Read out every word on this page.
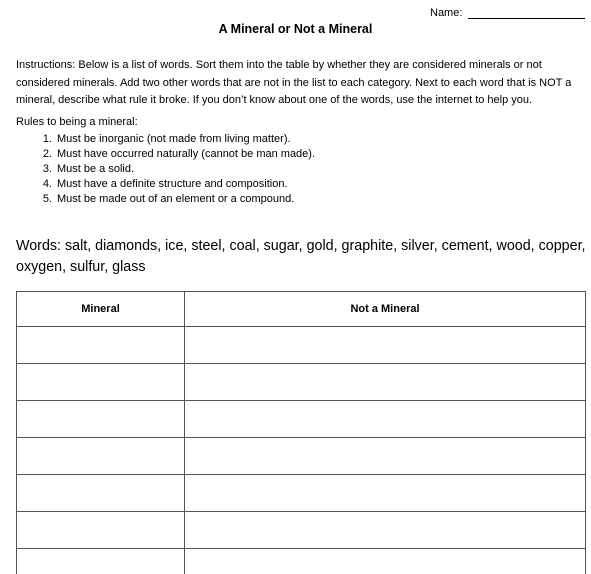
Name:
A Mineral or Not a Mineral
Instructions: Below is a list of words. Sort them into the table by whether they are considered minerals or not considered minerals. Add two other words that are not in the list to each category. Next to each word that is NOT a mineral, describe what rule it broke. If you don’t know about one of the words, use the internet to help you.
Rules to being a mineral:
1. Must be inorganic (not made from living matter).
2. Must have occurred naturally (cannot be man made).
3. Must be a solid.
4. Must have a definite structure and composition.
5. Must be made out of an element or a compound.
Words: salt, diamonds, ice, steel, coal, sugar, gold, graphite, silver, cement, wood, copper, oxygen, sulfur, glass
Mineral	Not a Mineral
